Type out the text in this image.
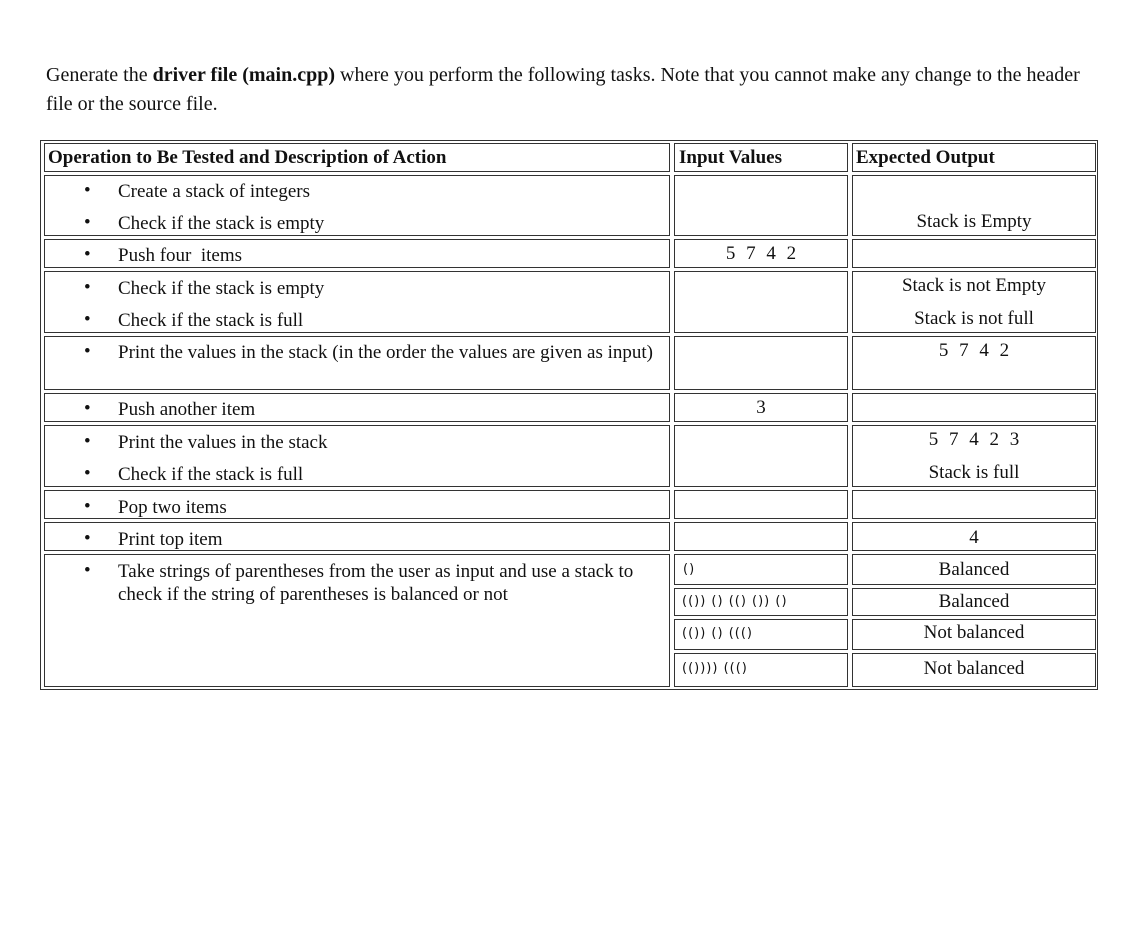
Generate the driver file (main.cpp) where you perform the following tasks. Note that you cannot make any change to the header file or the source file.
Operation to Be Tested and Description of Action	Input Values	Expected Output
•
•
•
•
•
•
•
•
•
•
•
•
Create a stack of integers
Check if the stack is empty
Push four  items
Check if the stack is empty
Check if the stack is full
Print the values in the stack (in the order the values are given as input)
Push another item
Print the values in the stack
Check if the stack is full
Pop two items
Print top item
Take strings of parentheses from the user as input and use a stack to check if the string of parentheses is balanced or not
5 7 4 2
3
()
(()) () (() ()) ()
(()) () ((()
(()))) ((()
Stack is Empty
Stack is not Empty
Stack is not full
5 7 4 2
5 7 4 2 3
Stack is full
4
Balanced
Balanced
Not balanced
Not balanced
